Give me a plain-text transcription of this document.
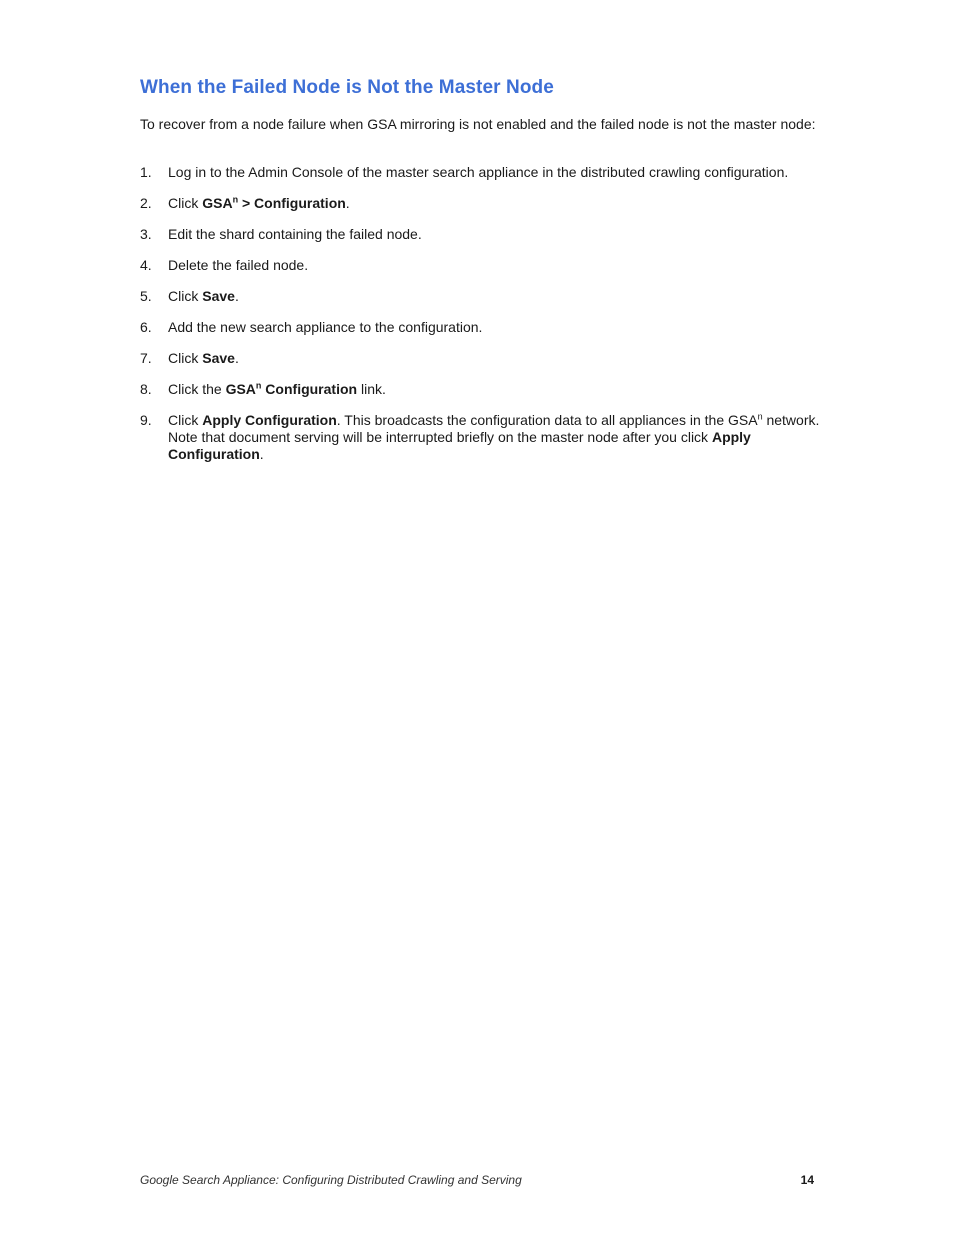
When the Failed Node is Not the Master Node

To recover from a node failure when GSA mirroring is not enabled and the failed node is not the master node:

1.	Log in to the Admin Console of the master search appliance in the distributed crawling configuration.
2.	Click $GSA^n$ > Configuration.
3.	Edit the shard containing the failed node.
4.	Delete the failed node.
5.	Click Save.
6.	Add the new search appliance to the configuration.
7.	Click Save.
8.	Click the GSA$^n$ Configuration link.
9.	Click Apply Configuration. This broadcasts the configuration data to all appliances in the GSA$^n$ network. Note that document serving will be interrupted briefly on the master node after you click Apply Configuration.
Google Search Appliance: Configuring Distributed Crawling and Serving	14
